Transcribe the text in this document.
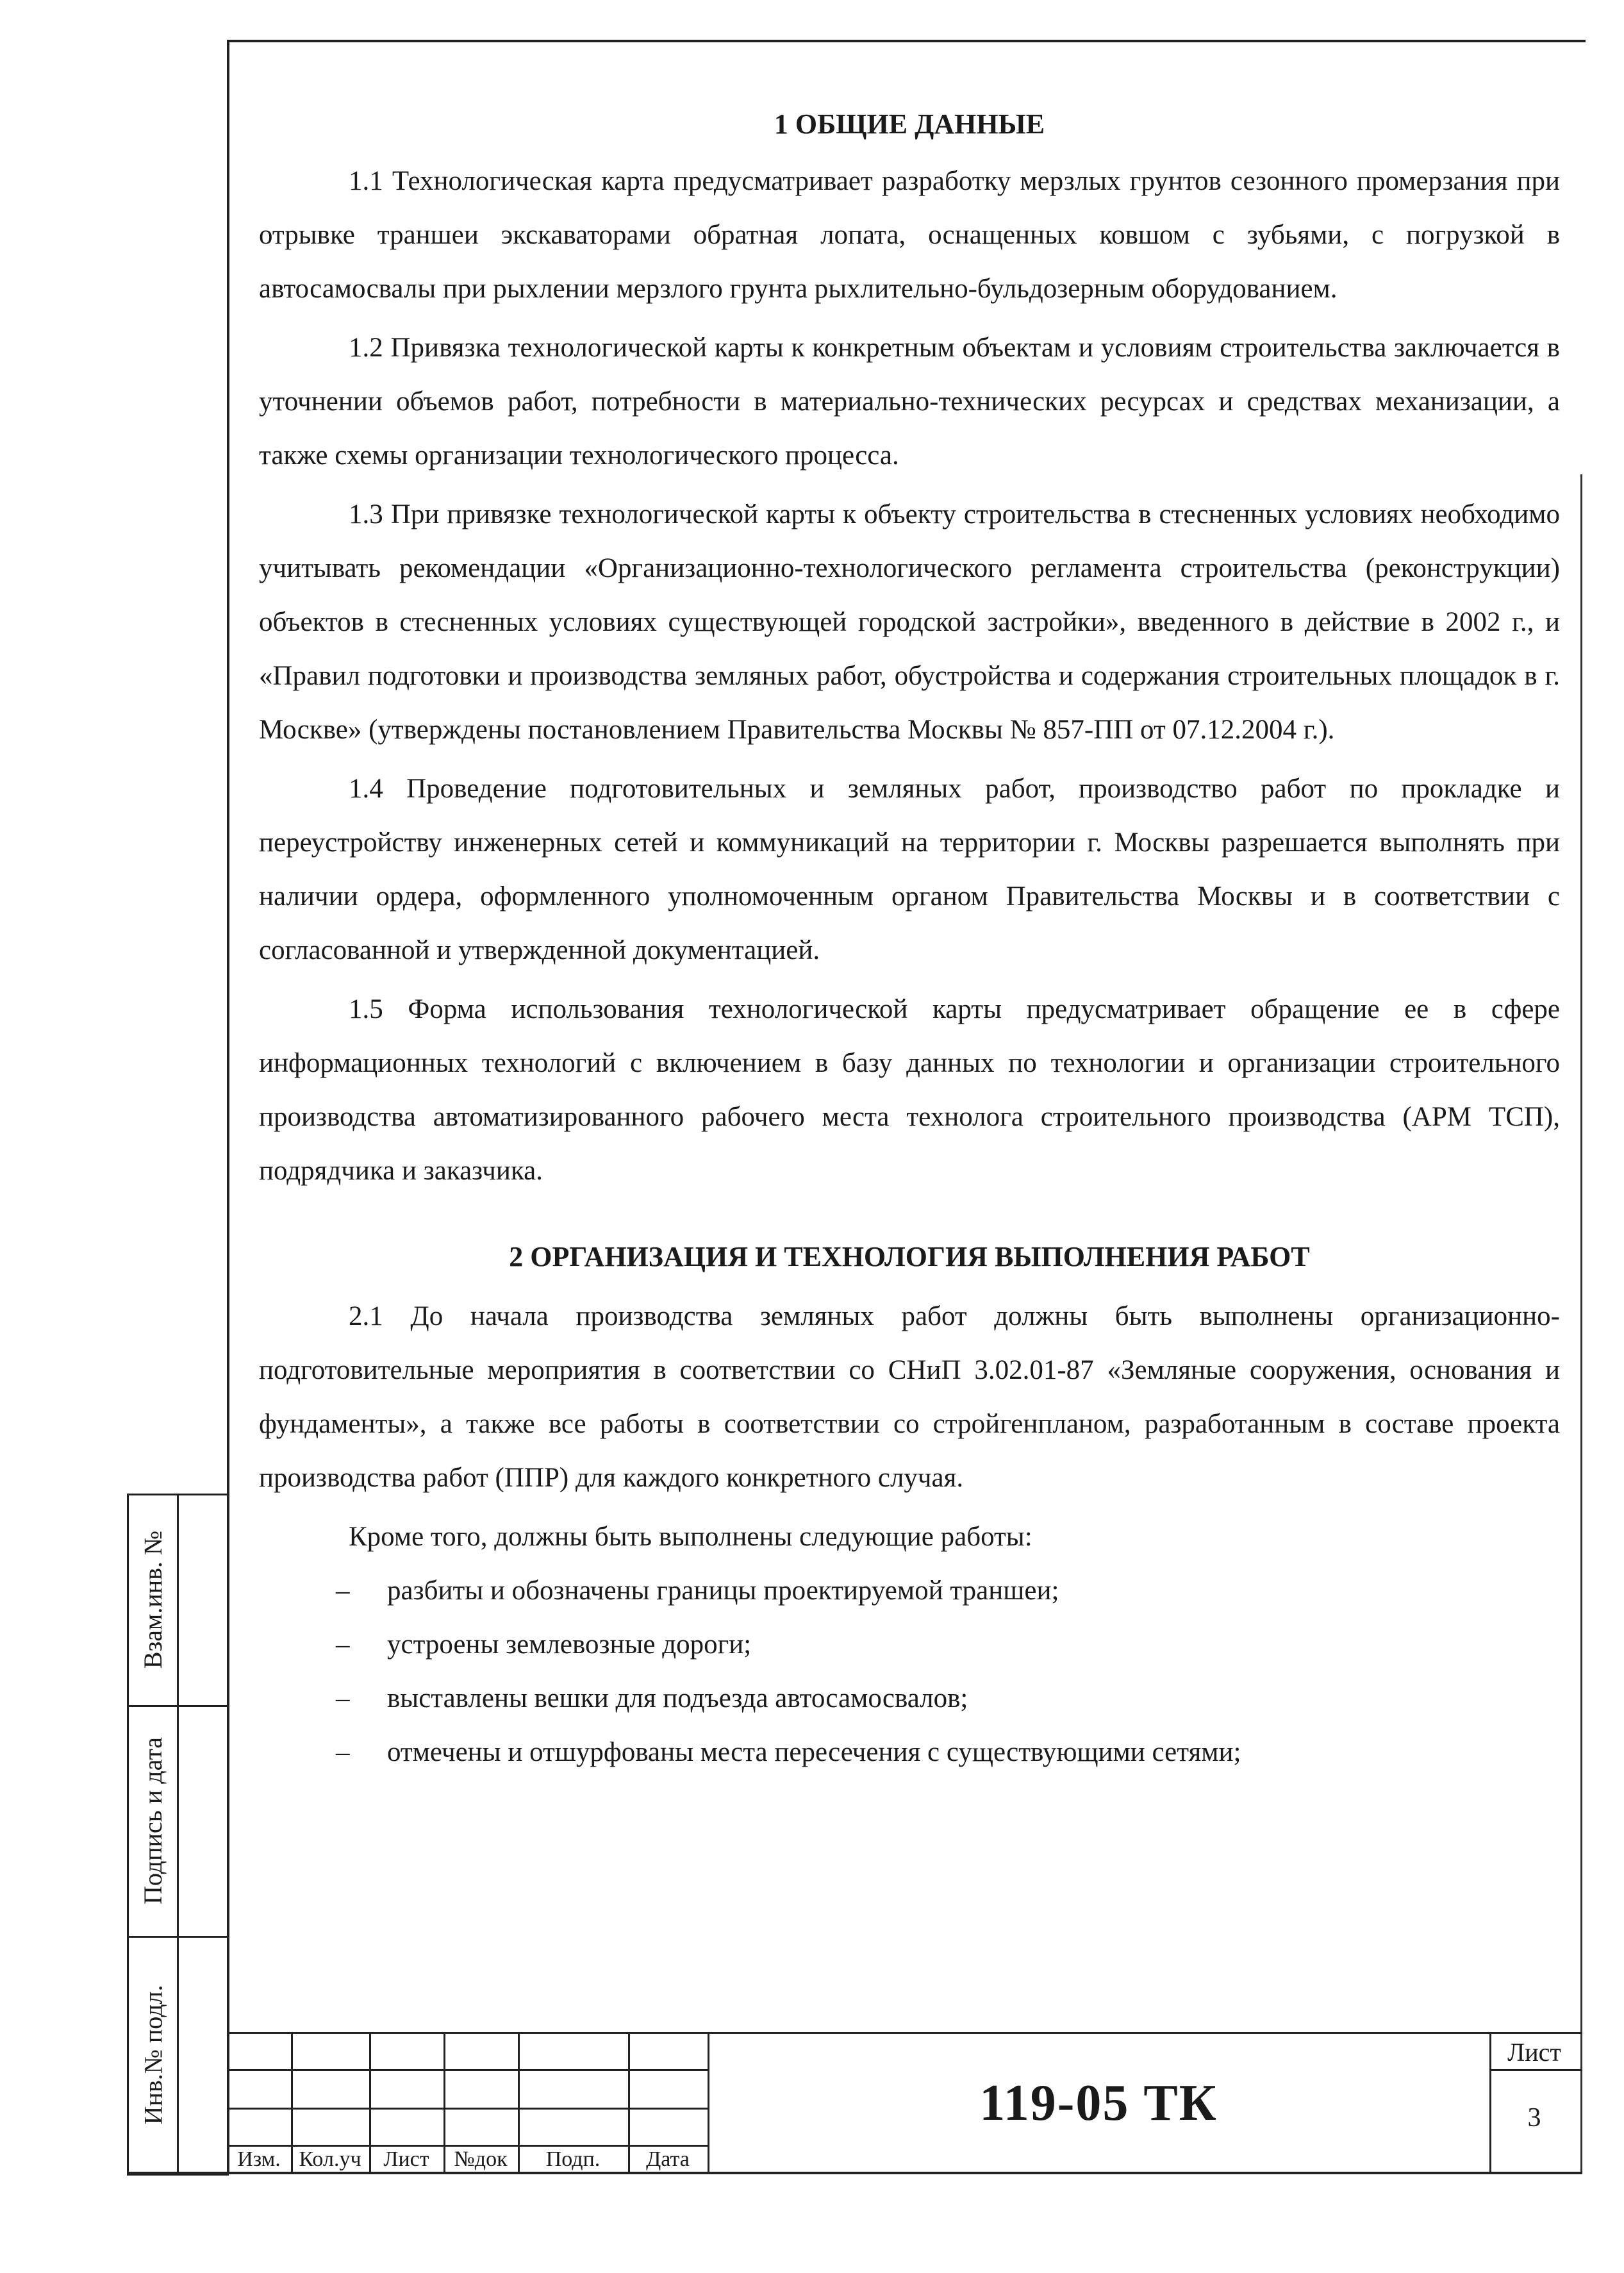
Взам.инв. №
Подпись и дата
Инв.№ подл.
1 ОБЩИЕ ДАННЫЕ

1.1 Технологическая карта предусматривает разработку мерзлых грунтов сезонного промерзания при отрывке траншеи экскаваторами обратная лопата, оснащенных ковшом с зубьями, с погрузкой в автосамосвалы при рыхлении мерзлого грунта рыхлительно-бульдозерным оборудованием.

1.2 Привязка технологической карты к конкретным объектам и условиям строительства заключается в уточнении объемов работ, потребности в материально-технических ресурсах и средствах механизации, а также схемы организации технологического процесса.

1.3 При привязке технологической карты к объекту строительства в стесненных условиях необходимо учитывать рекомендации «Организационно-технологического регламента строительства (реконструкции) объектов в стесненных условиях существующей городской застройки», введенного в действие в 2002 г., и «Правил подготовки и производства земляных работ, обустройства и содержания строительных площадок в г. Москве» (утверждены постановлением Правительства Москвы № 857-ПП от 07.12.2004 г.).

1.4 Проведение подготовительных и земляных работ, производство работ по прокладке и переустройству инженерных сетей и коммуникаций на территории г. Москвы разрешается выполнять при наличии ордера, оформленного уполномоченным органом Правительства Москвы и в соответствии с согласованной и утвержденной документацией.

1.5 Форма использования технологической карты предусматривает обращение ее в сфере информационных технологий с включением в базу данных по технологии и организации строительного производства автоматизированного рабочего места технолога строительного производства (АРМ ТСП), подрядчика и заказчика.

2 ОРГАНИЗАЦИЯ И ТЕХНОЛОГИЯ ВЫПОЛНЕНИЯ РАБОТ

2.1 До начала производства земляных работ должны быть выполнены организационно-подготовительные мероприятия в соответствии со СНиП 3.02.01-87 «Земляные сооружения, основания и фундаменты», а также все работы в соответствии со стройгенпланом, разработанным в составе проекта производства работ (ППР) для каждого конкретного случая.

Кроме того, должны быть выполнены следующие работы:

– разбиты и обозначены границы проектируемой траншеи;
– устроены землевозные дороги;
– выставлены вешки для подъезда автосамосвалов;
– отмечены и отшурфованы места пересечения с существующими сетями;
Изм. Кол.уч	Лист	№док	Подп.	Дата
119-05 ТК
Лист
3
